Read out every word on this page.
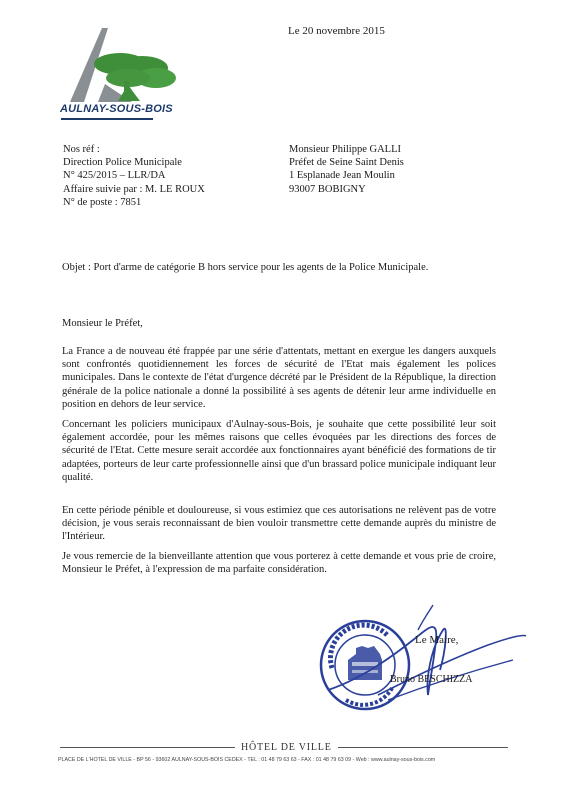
Le 20 novembre 2015
AULNAY-SOUS-BOIS
Nos réf :
Direction Police Municipale
N° 425/2015 – LLR/DA
Affaire suivie par : M. LE ROUX
N° de poste : 7851
Monsieur Philippe GALLI
Préfet de Seine Saint Denis
1 Esplanade Jean Moulin
93007 BOBIGNY
Objet : Port d'arme de catégorie B hors service pour les agents de la Police Municipale.
Monsieur le Préfet,
La France a de nouveau été frappée par une série d'attentats, mettant en exergue les dangers auxquels sont confrontés quotidiennement les forces de sécurité de l'Etat mais également les polices municipales. Dans le contexte de l'état d'urgence décrété par le Président de la République, la direction générale de la police nationale a donné la possibilité à ses agents de détenir leur arme individuelle en position en dehors de leur service.
Concernant les policiers municipaux d'Aulnay-sous-Bois, je souhaite que cette possibilité leur soit également accordée, pour les mêmes raisons que celles évoquées par les directions des forces de sécurité de l'Etat. Cette mesure serait accordée aux fonctionnaires ayant bénéficié des formations de tir adaptées, porteurs de leur carte professionnelle ainsi que d'un brassard police municipale indiquant leur qualité.
En cette période pénible et douloureuse, si vous estimiez que ces autorisations ne relèvent pas de votre décision, je vous serais reconnaissant de bien vouloir transmettre cette demande auprès du ministre de l'Intérieur.
Je vous remercie de la bienveillante attention que vous porterez à cette demande et vous prie de croire, Monsieur le Préfet, à l'expression de ma parfaite considération.
Le Maire,
Bruno BESCHIZZA
HÔTEL DE VILLE
PLACE DE L'HÔTEL DE VILLE - BP 56 - 93602 AULNAY-SOUS-BOIS CEDEX - TEL : 01 48 79 63 63 - FAX : 01 48 79 63 09 - Web : www.aulnay-sous-bois.com
